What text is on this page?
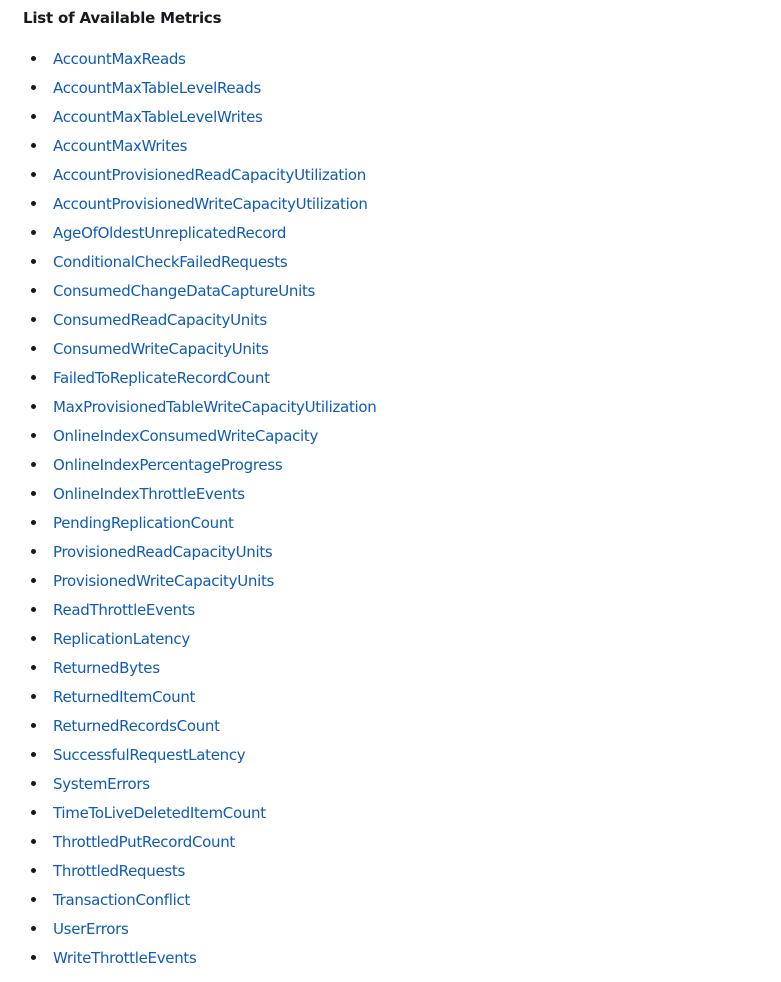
List of Available Metrics
AccountMaxReads
AccountMaxTableLevelReads
AccountMaxTableLevelWrites
AccountMaxWrites
AccountProvisionedReadCapacityUtilization
AccountProvisionedWriteCapacityUtilization
AgeOfOldestUnreplicatedRecord
ConditionalCheckFailedRequests
ConsumedChangeDataCaptureUnits
ConsumedReadCapacityUnits
ConsumedWriteCapacityUnits
FailedToReplicateRecordCount
MaxProvisionedTableWriteCapacityUtilization
OnlineIndexConsumedWriteCapacity
OnlineIndexPercentageProgress
OnlineIndexThrottleEvents
PendingReplicationCount
ProvisionedReadCapacityUnits
ProvisionedWriteCapacityUnits
ReadThrottleEvents
ReplicationLatency
ReturnedBytes
ReturnedItemCount
ReturnedRecordsCount
SuccessfulRequestLatency
SystemErrors
TimeToLiveDeletedItemCount
ThrottledPutRecordCount
ThrottledRequests
TransactionConflict
UserErrors
WriteThrottleEvents
